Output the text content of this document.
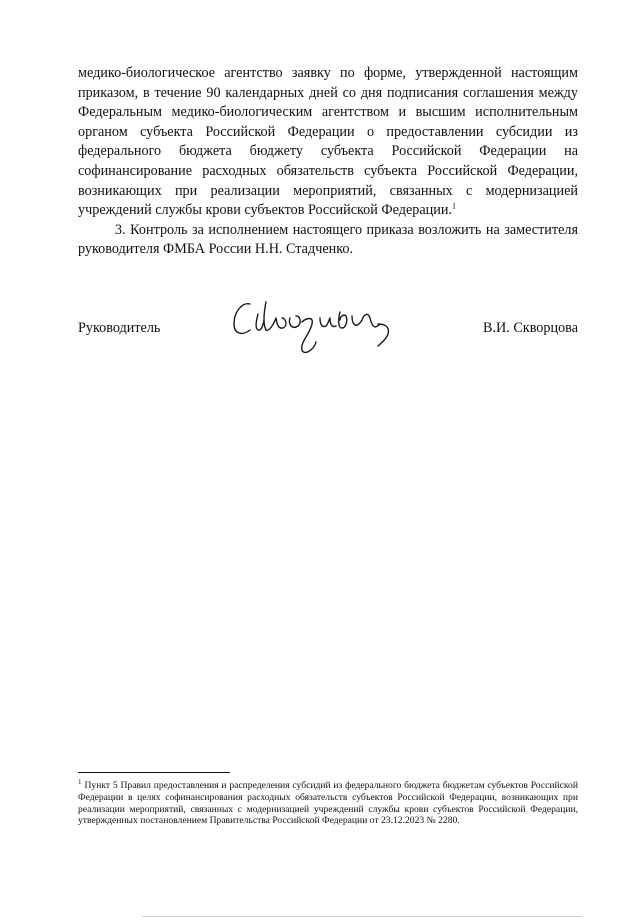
медико-биологическое агентство заявку по форме, утвержденной настоящим приказом, в течение 90 календарных дней со дня подписания соглашения между Федеральным медико-биологическим агентством и высшим исполнительным органом субъекта Российской Федерации о предоставлении субсидии из федерального бюджета бюджету субъекта Российской Федерации на софинансирование расходных обязательств субъекта Российской Федерации, возникающих при реализации мероприятий, связанных с модернизацией учреждений службы крови субъектов Российской Федерации.$^1$

3. Контроль за исполнением настоящего приказа возложить на заместителя руководителя ФМБА России Н.Н. Стадченко.

Руководитель	В.И. Скворцова
$^1$ Пункт 5 Правил предоставления и распределения субсидий из федерального бюджета бюджетам субъектов Российской Федерации в целях софинансирования расходных обязательств субъектов Российской Федерации, возникающих при реализации мероприятий, связанных с модернизацией учреждений службы крови субъектов Российской Федерации, утвержденных постановлением Правительства Российской Федерации от 23.12.2023 № 2280.
